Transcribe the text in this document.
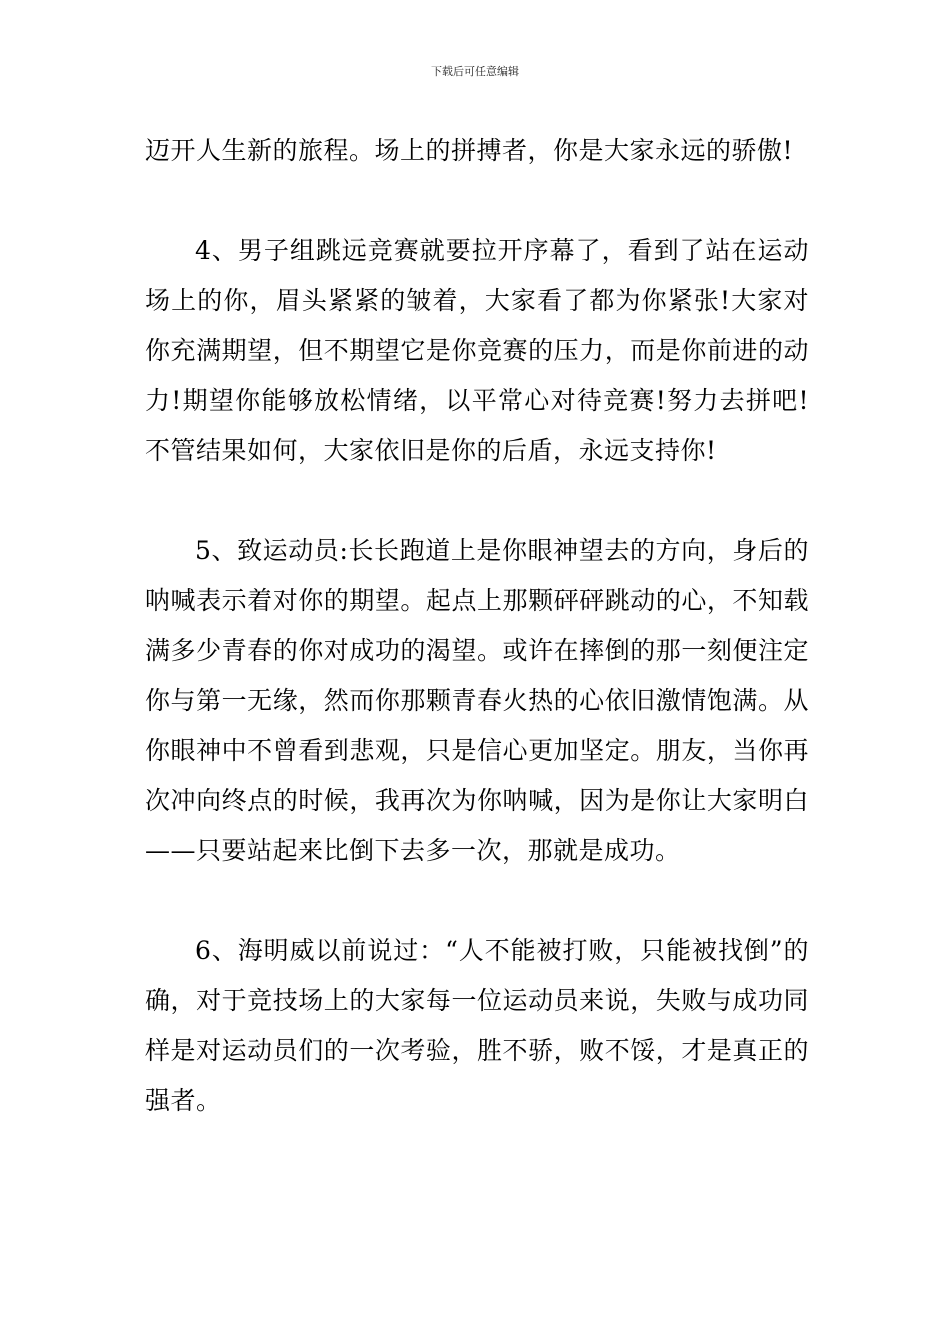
下载后可任意编辑

迈开人生新的旅程。场上的拼搏者，你是大家永远的骄傲!

4、男子组跳远竞赛就要拉开序幕了，看到了站在运动场上的你，眉头紧紧的皱着，大家看了都为你紧张!大家对你充满期望，但不期望它是你竞赛的压力，而是你前进的动力!期望你能够放松情绪，以平常心对待竞赛!努力去拼吧!不管结果如何，大家依旧是你的后盾，永远支持你!

5、致运动员:长长跑道上是你眼神望去的方向，身后的呐喊表示着对你的期望。起点上那颗砰砰跳动的心，不知载满多少青春的你对成功的渴望。或许在摔倒的那一刻便注定你与第一无缘，然而你那颗青春火热的心依旧激情饱满。从你眼神中不曾看到悲观，只是信心更加坚定。朋友，当你再次冲向终点的时候，我再次为你呐喊，因为是你让大家明白——只要站起来比倒下去多一次，那就是成功。

6、海明威以前说过：“人不能被打败，只能被找倒”的确，对于竞技场上的大家每一位运动员来说，失败与成功同样是对运动员们的一次考验，胜不骄，败不馁，才是真正的强者。
